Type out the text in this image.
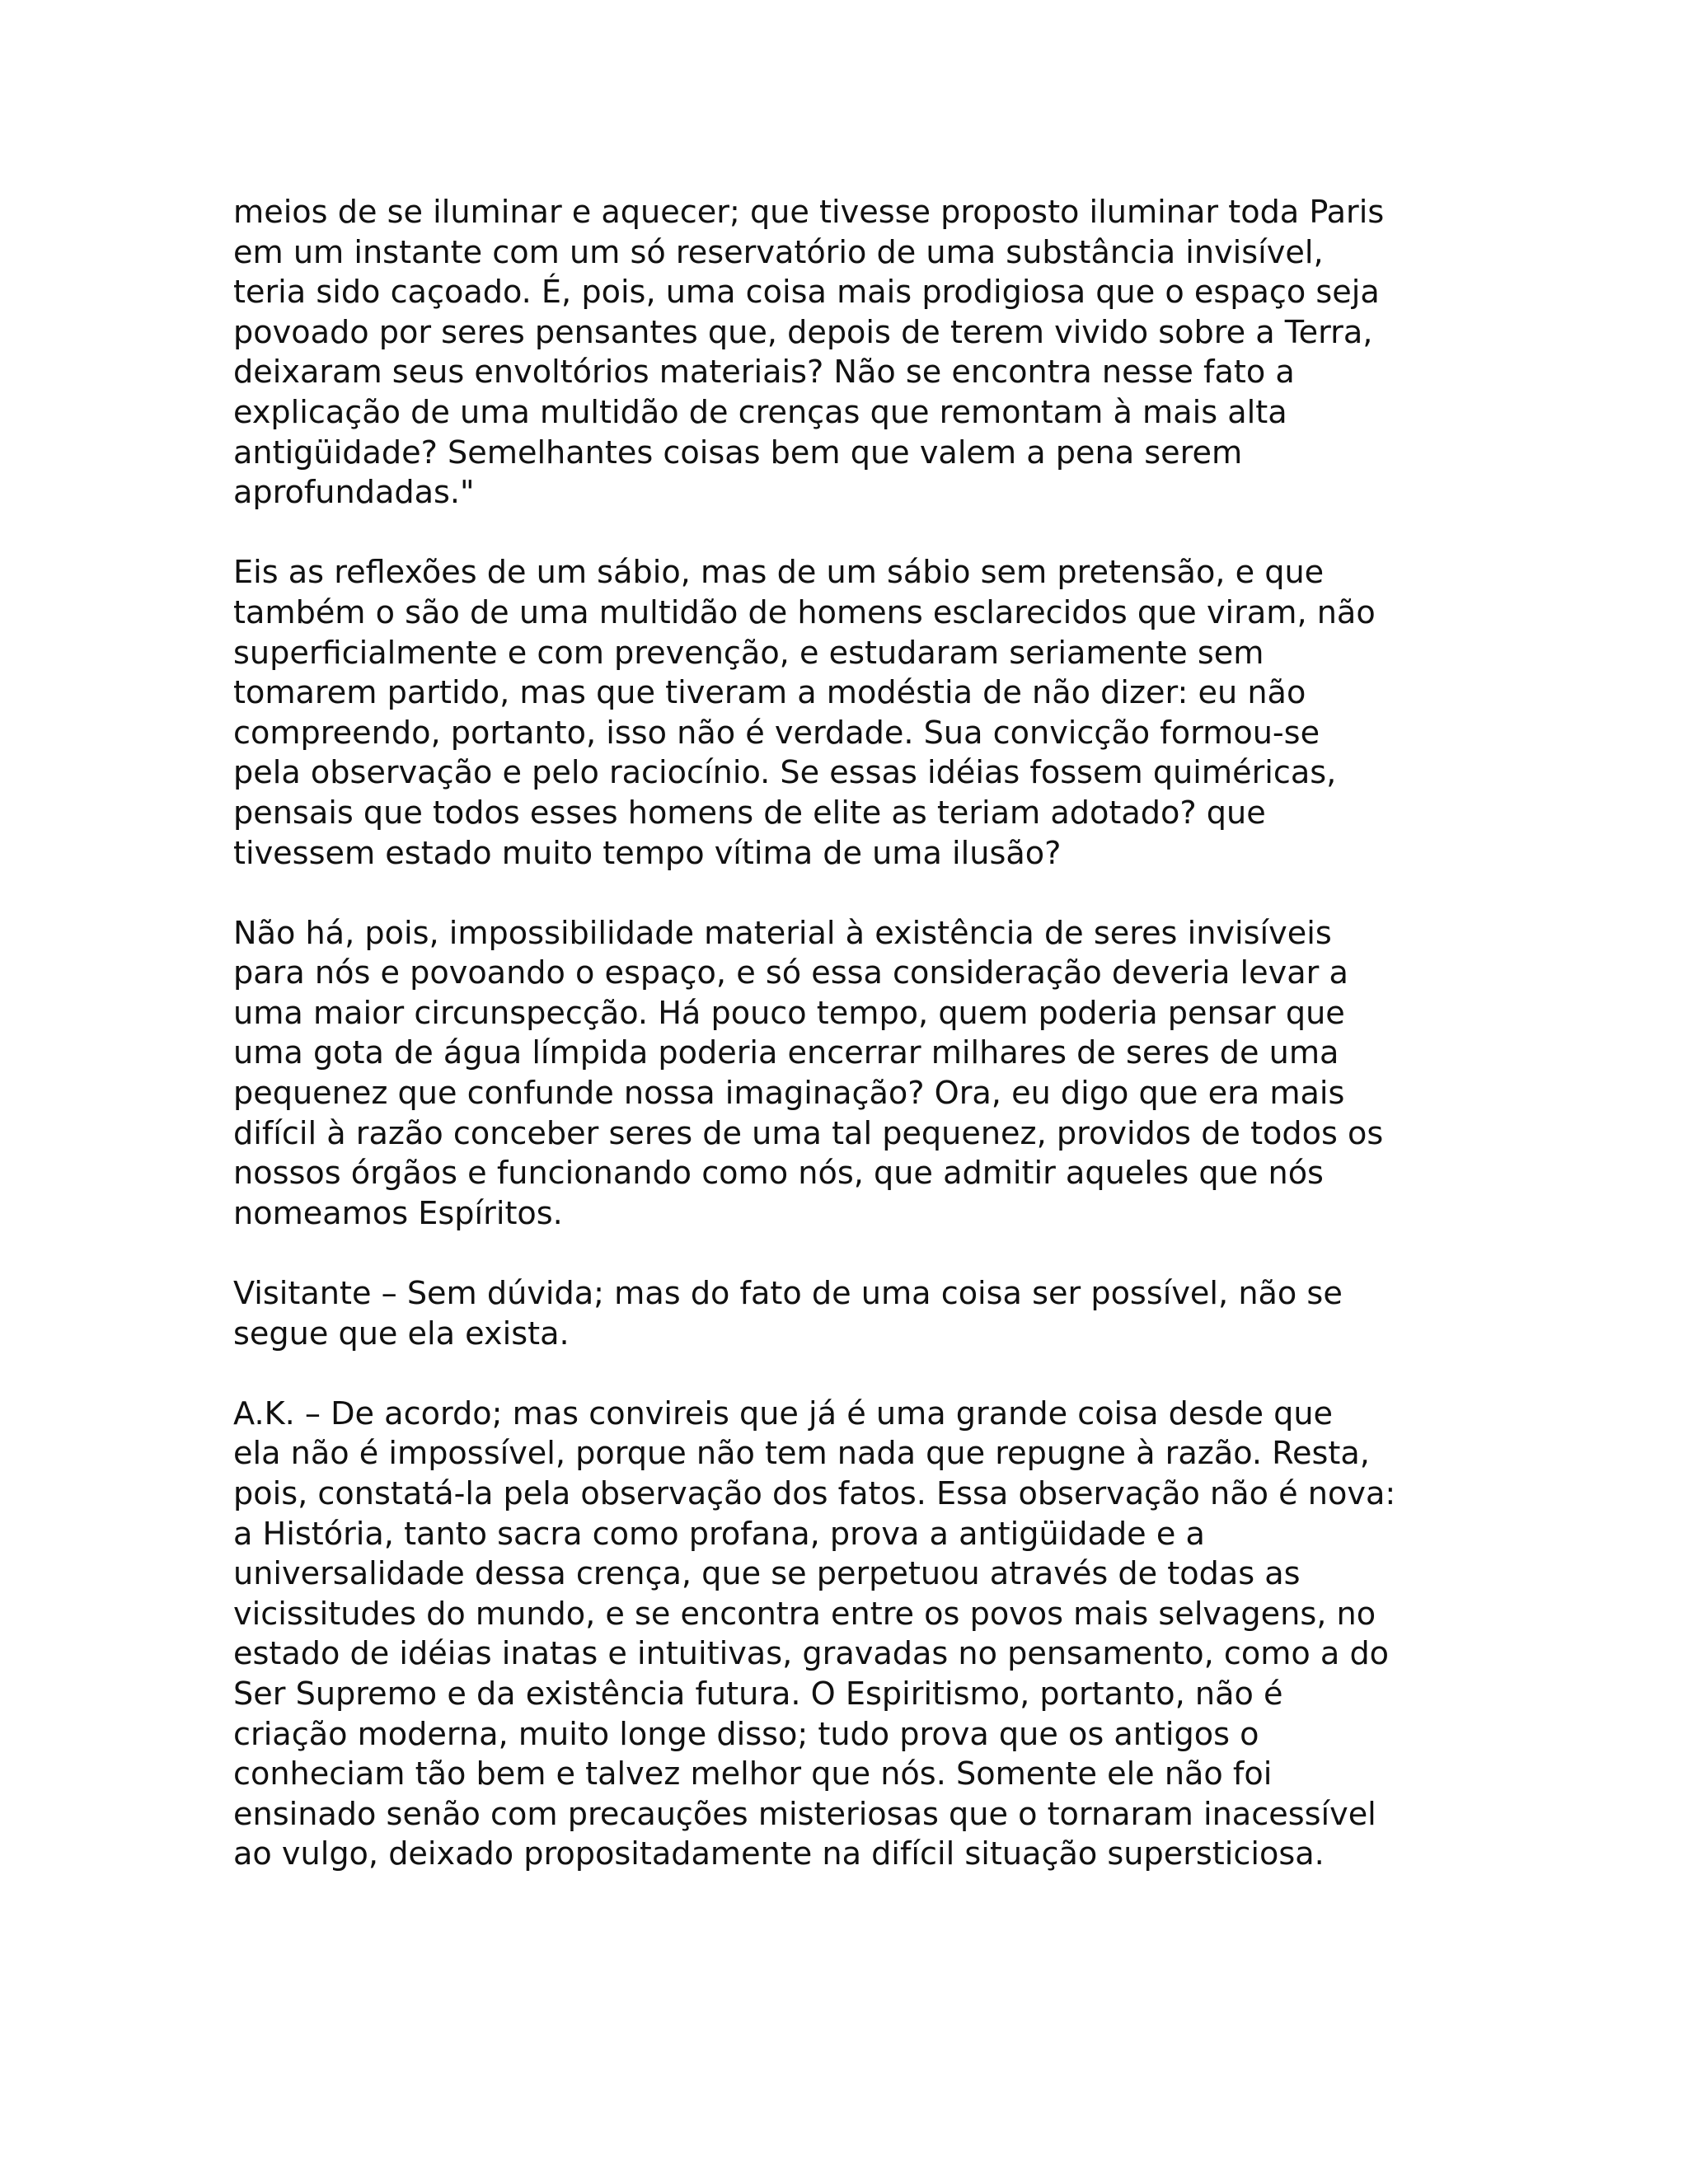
meios de se iluminar e aquecer; que tivesse proposto iluminar toda Paris
em um instante com um só reservatório de uma substância invisível,
teria sido caçoado. É, pois, uma coisa mais prodigiosa que o espaço seja
povoado por seres pensantes que, depois de terem vivido sobre a Terra,
deixaram seus envoltórios materiais? Não se encontra nesse fato a
explicação de uma multidão de crenças que remontam à mais alta
antigüidade? Semelhantes coisas bem que valem a pena serem
aprofundadas."
Eis as reflexões de um sábio, mas de um sábio sem pretensão, e que
também o são de uma multidão de homens esclarecidos que viram, não
superficialmente e com prevenção, e estudaram seriamente sem
tomarem partido, mas que tiveram a modéstia de não dizer: eu não
compreendo, portanto, isso não é verdade. Sua convicção formou-se
pela observação e pelo raciocínio. Se essas idéias fossem quiméricas,
pensais que todos esses homens de elite as teriam adotado? que
tivessem estado muito tempo vítima de uma ilusão?
Não há, pois, impossibilidade material à existência de seres invisíveis
para nós e povoando o espaço, e só essa consideração deveria levar a
uma maior circunspecção. Há pouco tempo, quem poderia pensar que
uma gota de água límpida poderia encerrar milhares de seres de uma
pequenez que confunde nossa imaginação? Ora, eu digo que era mais
difícil à razão conceber seres de uma tal pequenez, providos de todos os
nossos órgãos e funcionando como nós, que admitir aqueles que nós
nomeamos Espíritos.
Visitante – Sem dúvida; mas do fato de uma coisa ser possível, não se
segue que ela exista.
A.K. – De acordo; mas convireis que já é uma grande coisa desde que
ela não é impossível, porque não tem nada que repugne à razão. Resta,
pois, constatá-la pela observação dos fatos. Essa observação não é nova:
a História, tanto sacra como profana, prova a antigüidade e a
universalidade dessa crença, que se perpetuou através de todas as
vicissitudes do mundo, e se encontra entre os povos mais selvagens, no
estado de idéias inatas e intuitivas, gravadas no pensamento, como a do
Ser Supremo e da existência futura. O Espiritismo, portanto, não é
criação moderna, muito longe disso; tudo prova que os antigos o
conheciam tão bem e talvez melhor que nós. Somente ele não foi
ensinado senão com precauções misteriosas que o tornaram inacessível
ao vulgo, deixado propositadamente na difícil situação supersticiosa.
